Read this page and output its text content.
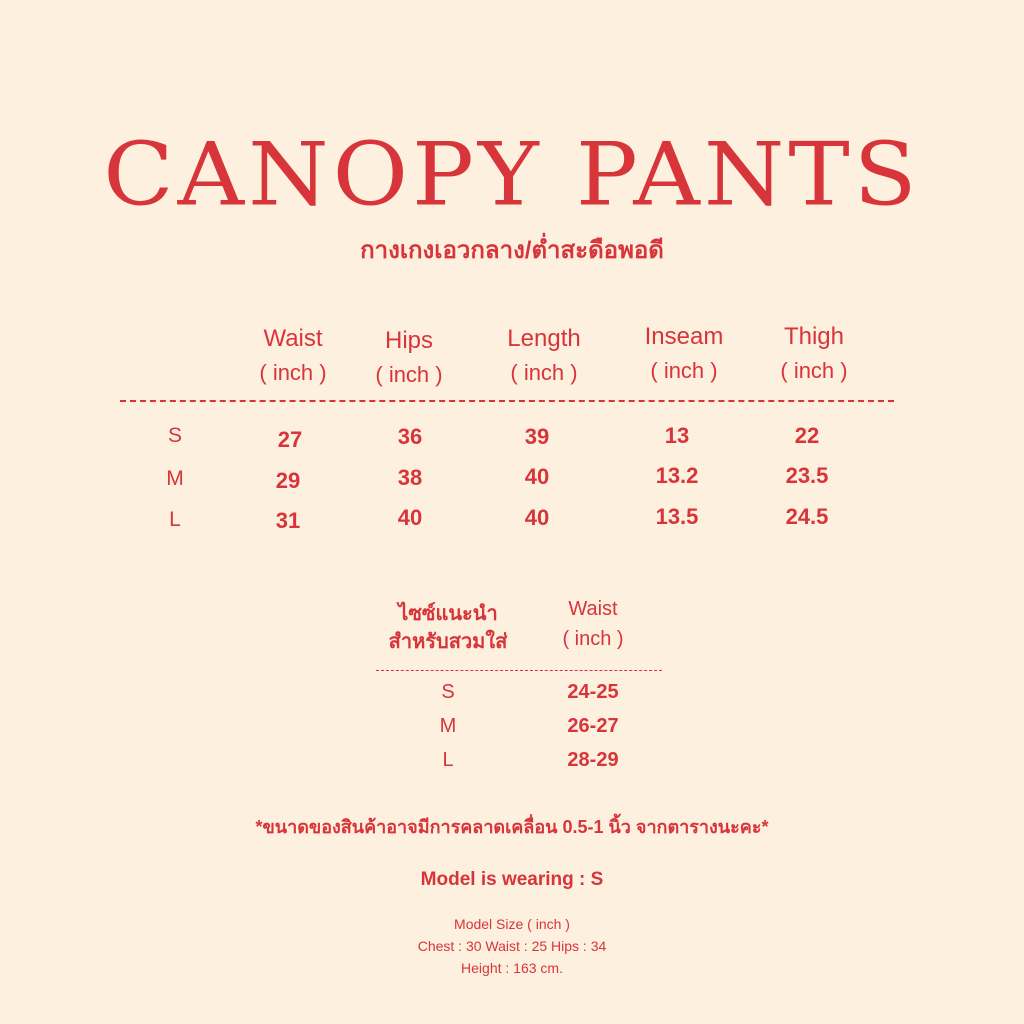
CANOPY PANTS
กางเกงเอวกลาง/ต่ำสะดือพอดี
Waist
( inch )
Hips
( inch )
Length
( inch )
Inseam
( inch )
Thigh
( inch )
S	27	36	39	13	22
M	29	38	40	13.2	23.5
L	31	40	40	13.5	24.5
ไซซ์แนะนำ
สำหรับสวมใส่
Waist
( inch )
S	24-25
M	26-27
L	28-29
*ขนาดของสินค้าอาจมีการคลาดเคลื่อน 0.5-1 นิ้ว จากตารางนะคะ*
Model is wearing : S
Model Size ( inch )
Chest : 30 Waist : 25 Hips : 34
Height : 163 cm.
